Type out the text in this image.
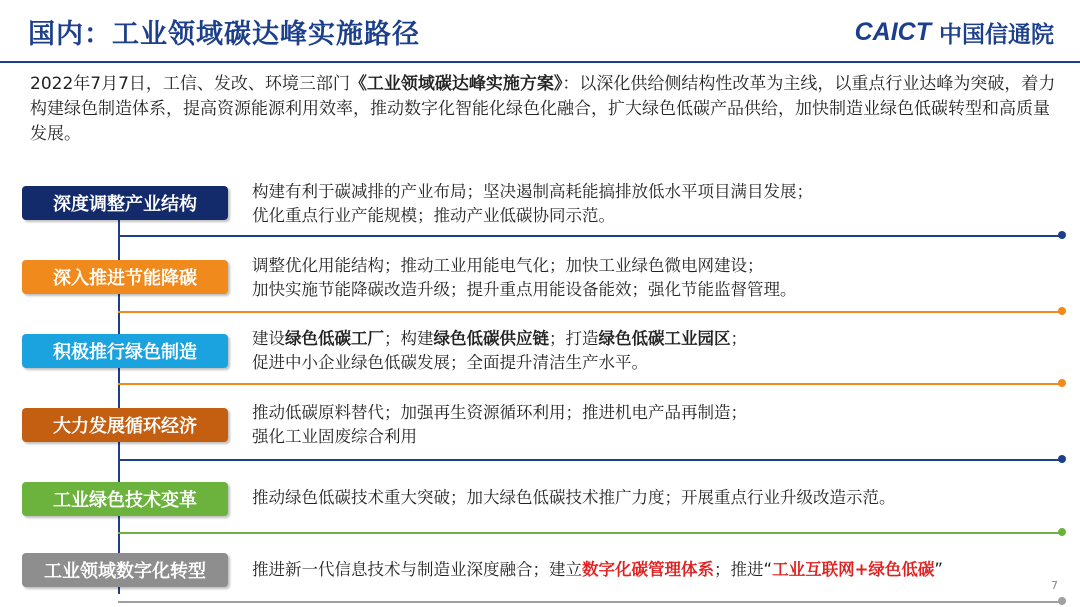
国内：工业领域碳达峰实施路径	CAICT 中国信通院
2022年7月7日，工信、发改、环境三部门《工业领域碳达峰实施方案》：以深化供给侧结构性改革为主线，以重点行业达峰为突破，着力构建绿色制造体系，提高资源能源利用效率，推动数字化智能化绿色化融合，扩大绿色低碳产品供给，加快制造业绿色低碳转型和高质量发展。
深度调整产业结构
构建有利于碳减排的产业布局；坚决遏制高耗能搞排放低水平项目满目发展；
优化重点行业产能规模；推动产业低碳协同示范。
深入推进节能降碳
调整优化用能结构；推动工业用能电气化；加快工业绿色微电网建设；
加快实施节能降碳改造升级；提升重点用能设备能效；强化节能监督管理。
积极推行绿色制造
建设绿色低碳工厂；构建绿色低碳供应链；打造绿色低碳工业园区；
促进中小企业绿色低碳发展；全面提升清洁生产水平。
大力发展循环经济
推动低碳原料替代；加强再生资源循环利用；推进机电产品再制造；
强化工业固废综合利用
工业绿色技术变革	推动绿色低碳技术重大突破；加大绿色低碳技术推广力度；开展重点行业升级改造示范。
工业领域数字化转型	推进新一代信息技术与制造业深度融合；建立数字化碳管理体系；推进“工业互联网+绿色低碳”
7
